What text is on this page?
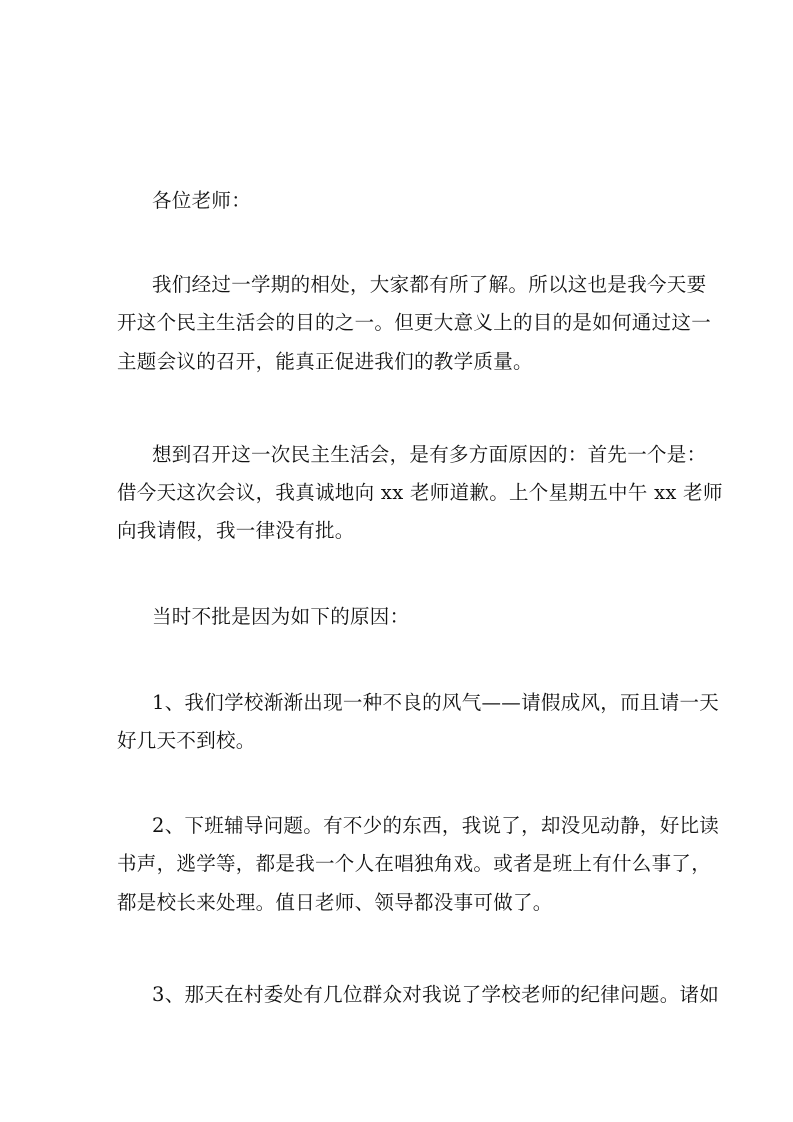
各位老师：
我们经过一学期的相处，大家都有所了解。所以这也是我今天要
开这个民主生活会的目的之一。但更大意义上的目的是如何通过这一
主题会议的召开，能真正促进我们的教学质量。
想到召开这一次民主生活会，是有多方面原因的：首先一个是：
借今天这次会议，我真诚地向 xx 老师道歉。上个星期五中午 xx 老师
向我请假，我一律没有批。
当时不批是因为如下的原因：
1、我们学校渐渐出现一种不良的风气——请假成风，而且请一天
好几天不到校。
2、下班辅导问题。有不少的东西，我说了，却没见动静，好比读
书声，逃学等，都是我一个人在唱独角戏。或者是班上有什么事了，
都是校长来处理。值日老师、领导都没事可做了。
3、那天在村委处有几位群众对我说了学校老师的纪律问题。诸如
